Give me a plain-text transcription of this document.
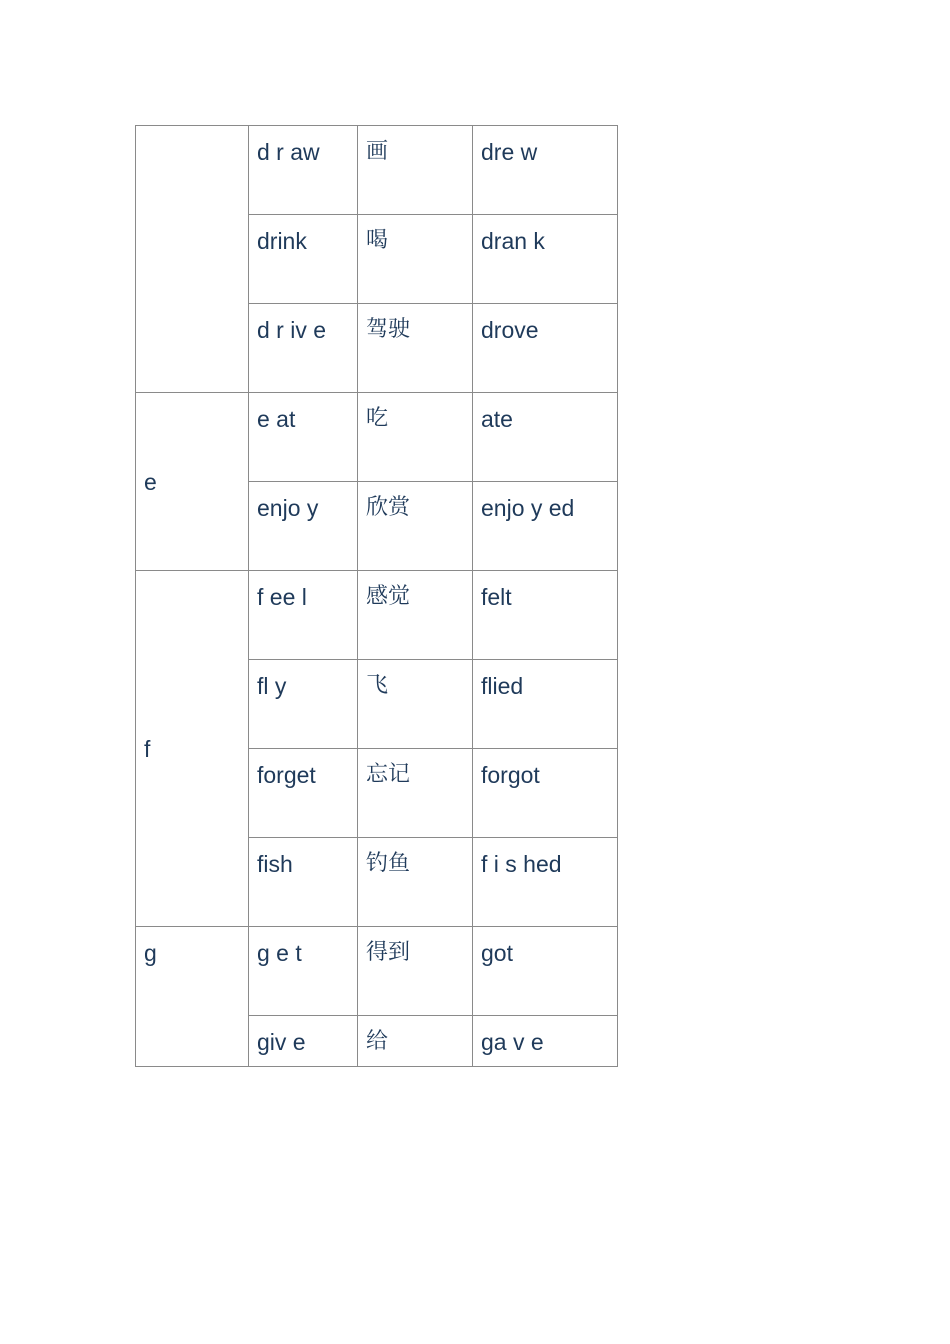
	d r aw	画	dre w
	drink	喝	dran k
	d r iv e	驾驶	drove
e	e at	吃	ate
	enjo y	欣赏	enjo y ed
f	f ee l	感觉	felt
	fl y	飞	flied
	forget	忘记	forgot
	fish	钓鱼	f i s hed
g	g e t	得到	got
	giv e	给	ga v e
